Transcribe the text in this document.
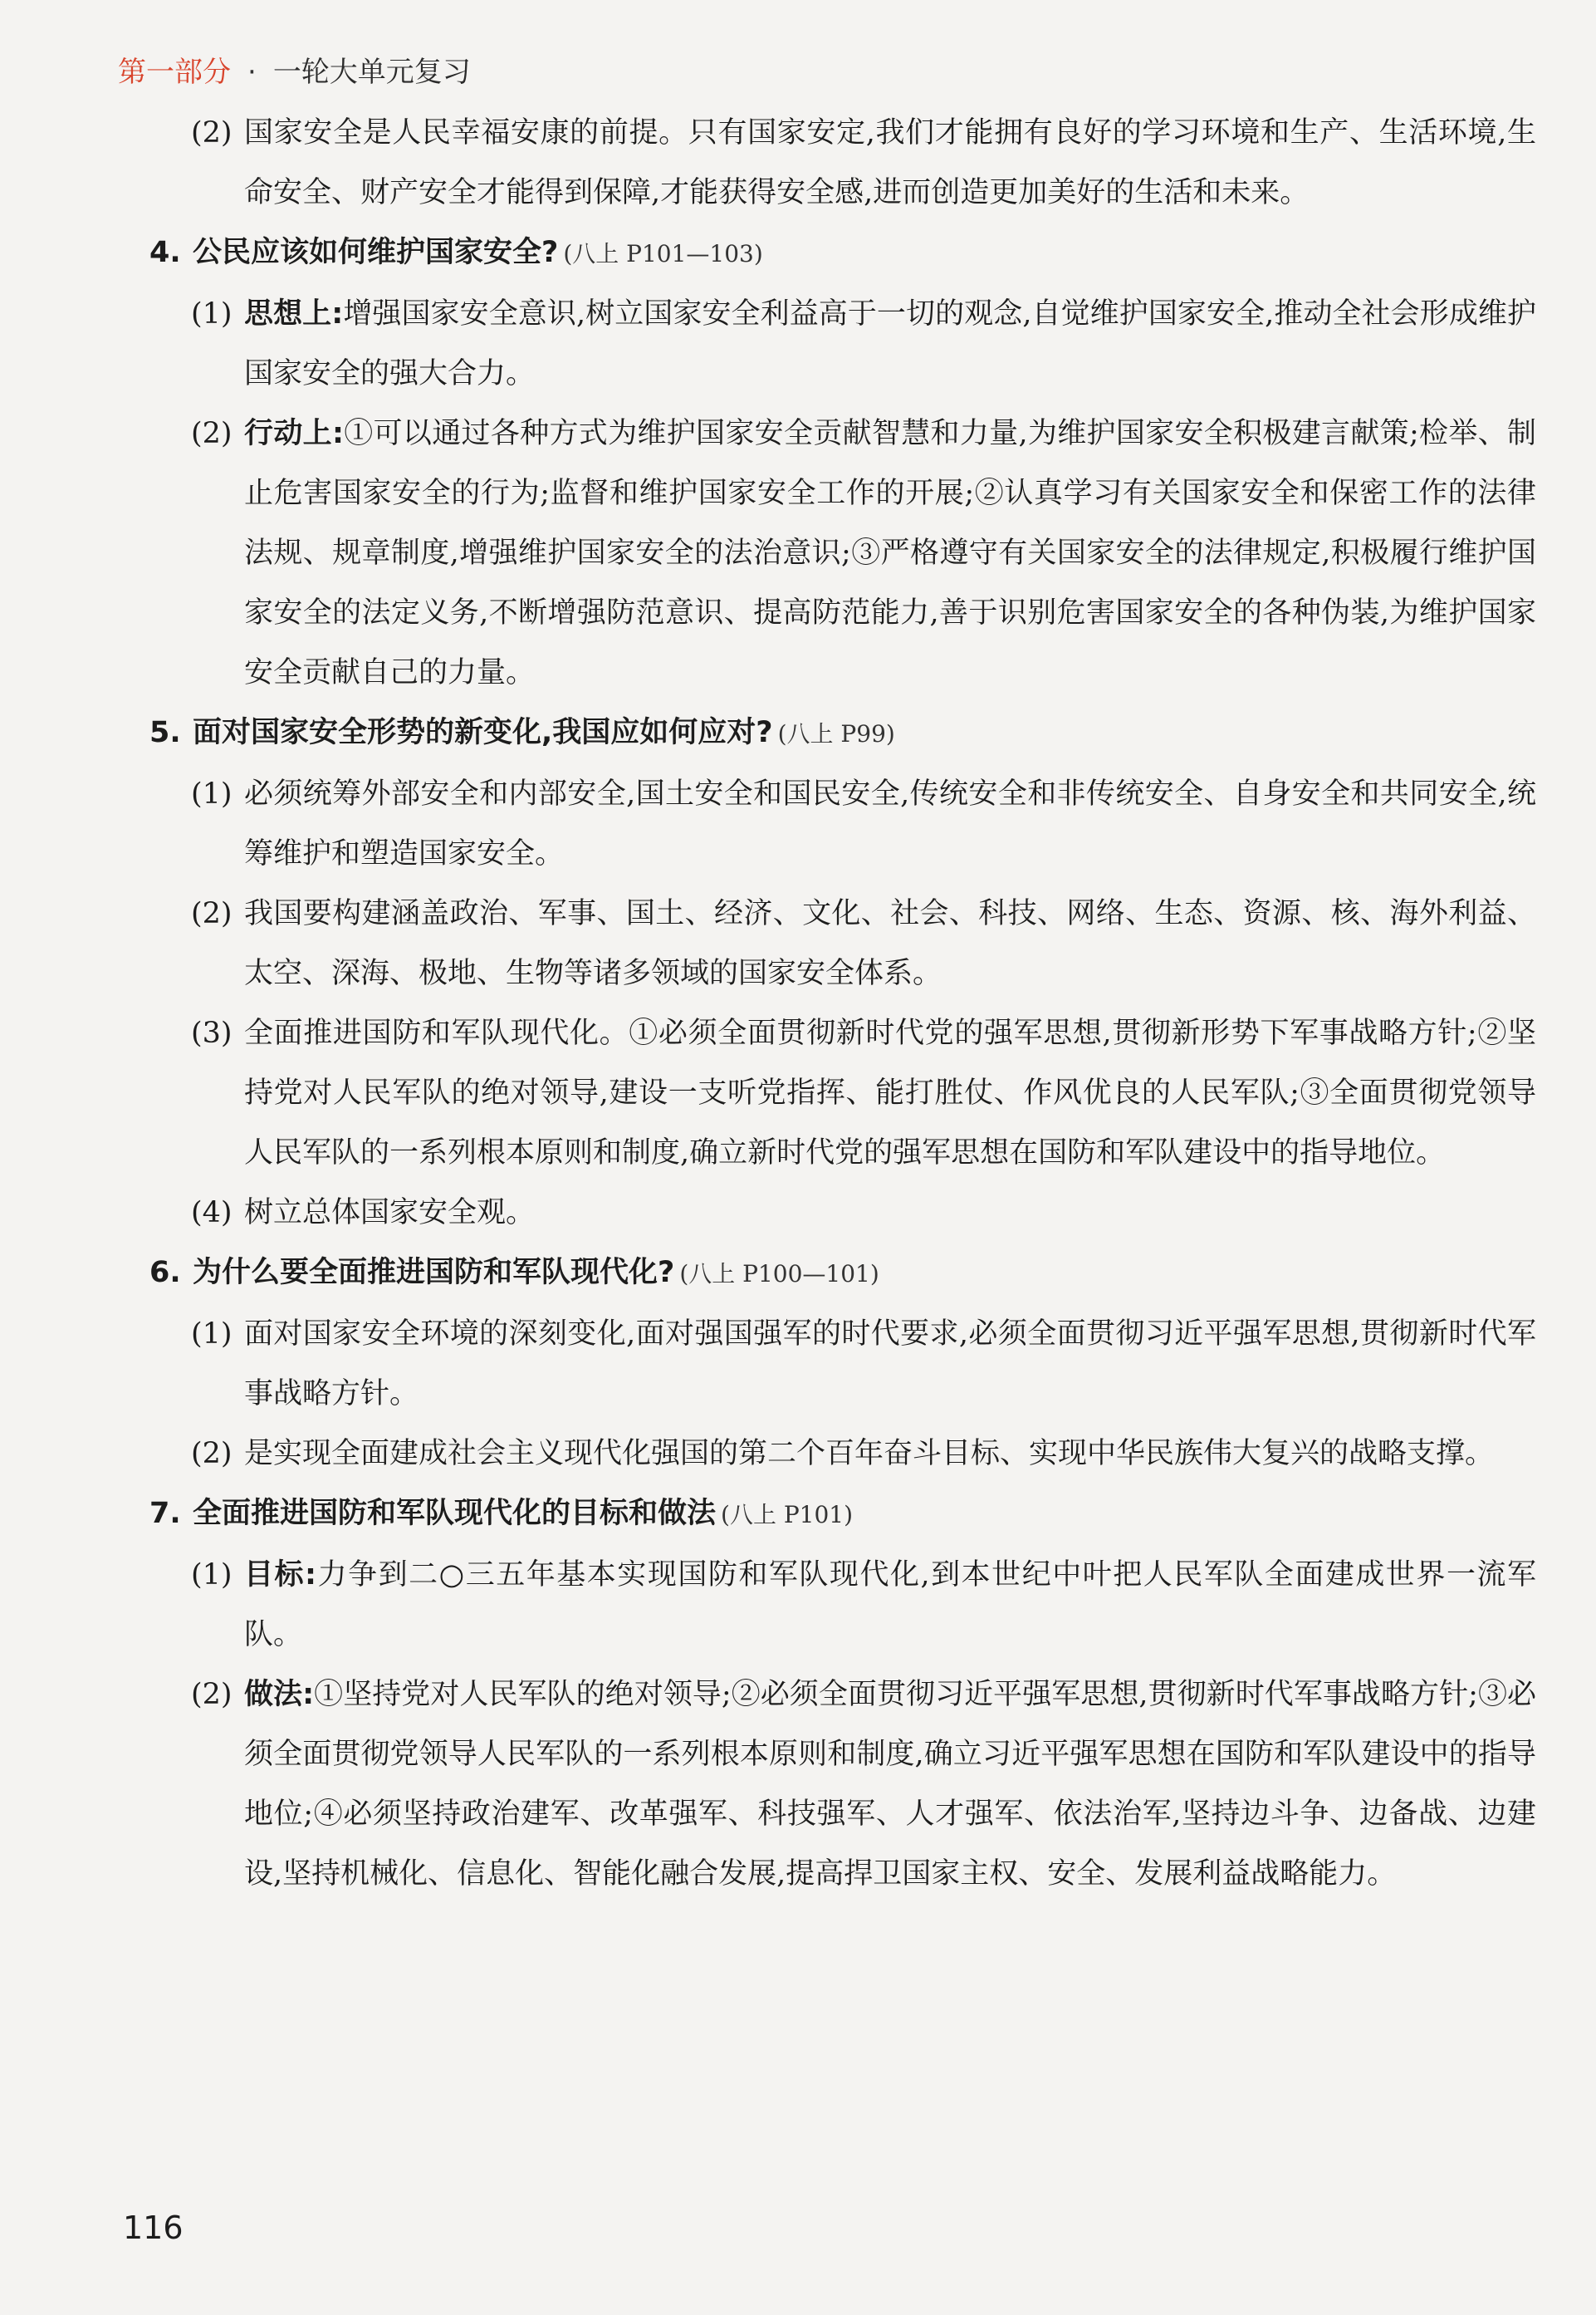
第一部分 · 一轮大单元复习
(2) 国家安全是人民幸福安康的前提。只有国家安定,我们才能拥有良好的学习环境和生产、生活环境,生命安全、财产安全才能得到保障,才能获得安全感,进而创造更加美好的生活和未来。
4. 公民应该如何维护国家安全? (八上 P101—103)
(1) 思想上:增强国家安全意识,树立国家安全利益高于一切的观念,自觉维护国家安全,推动全社会形成维护国家安全的强大合力。
(2) 行动上:①可以通过各种方式为维护国家安全贡献智慧和力量,为维护国家安全积极建言献策;检举、制止危害国家安全的行为;监督和维护国家安全工作的开展;②认真学习有关国家安全和保密工作的法律法规、规章制度,增强维护国家安全的法治意识;③严格遵守有关国家安全的法律规定,积极履行维护国家安全的法定义务,不断增强防范意识、提高防范能力,善于识别危害国家安全的各种伪装,为维护国家安全贡献自己的力量。
5. 面对国家安全形势的新变化,我国应如何应对? (八上 P99)
(1) 必须统筹外部安全和内部安全,国土安全和国民安全,传统安全和非传统安全、自身安全和共同安全,统筹维护和塑造国家安全。
(2) 我国要构建涵盖政治、军事、国土、经济、文化、社会、科技、网络、生态、资源、核、海外利益、太空、深海、极地、生物等诸多领域的国家安全体系。
(3) 全面推进国防和军队现代化。①必须全面贯彻新时代党的强军思想,贯彻新形势下军事战略方针;②坚持党对人民军队的绝对领导,建设一支听党指挥、能打胜仗、作风优良的人民军队;③全面贯彻党领导人民军队的一系列根本原则和制度,确立新时代党的强军思想在国防和军队建设中的指导地位。
(4) 树立总体国家安全观。
6. 为什么要全面推进国防和军队现代化? (八上 P100—101)
(1) 面对国家安全环境的深刻变化,面对强国强军的时代要求,必须全面贯彻习近平强军思想,贯彻新时代军事战略方针。
(2) 是实现全面建成社会主义现代化强国的第二个百年奋斗目标、实现中华民族伟大复兴的战略支撑。
7. 全面推进国防和军队现代化的目标和做法 (八上 P101)
(1) 目标:力争到二○三五年基本实现国防和军队现代化,到本世纪中叶把人民军队全面建成世界一流军队。
(2) 做法:①坚持党对人民军队的绝对领导;②必须全面贯彻习近平强军思想,贯彻新时代军事战略方针;③必须全面贯彻党领导人民军队的一系列根本原则和制度,确立习近平强军思想在国防和军队建设中的指导地位;④必须坚持政治建军、改革强军、科技强军、人才强军、依法治军,坚持边斗争、边备战、边建设,坚持机械化、信息化、智能化融合发展,提高捍卫国家主权、安全、发展利益战略能力。
116
